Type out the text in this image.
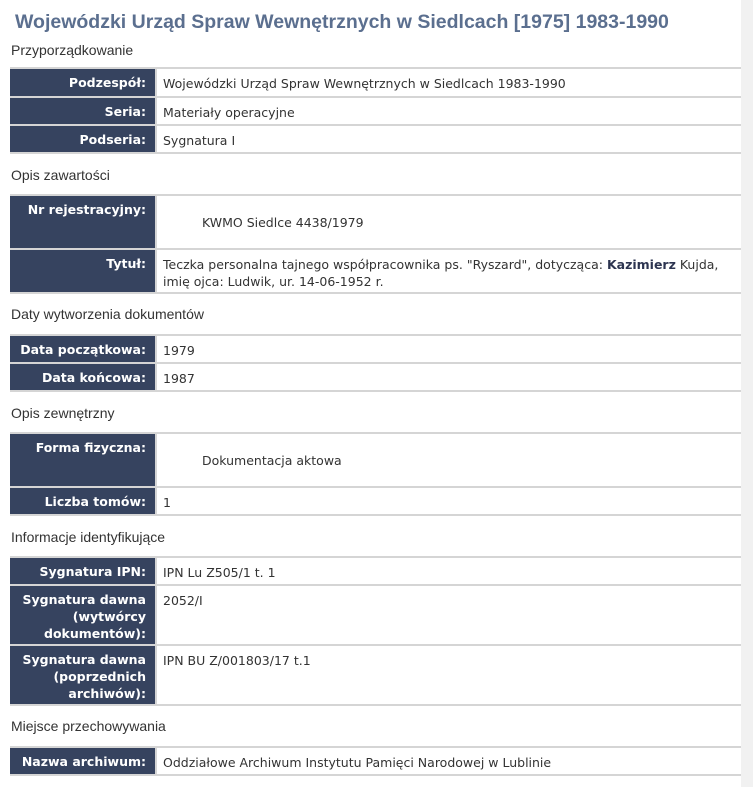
Wojewódzki Urząd Spraw Wewnętrznych w Siedlcach [1975] 1983-1990
Przyporządkowanie
Podzespół:	Wojewódzki Urząd Spraw Wewnętrznych w Siedlcach 1983-1990
Seria:	Materiały operacyjne
Podseria:	Sygnatura I
Opis zawartości
Nr rejestracyjny:	KWMO Siedlce 4438/1979
Tytuł:	Teczka personalna tajnego współpracownika ps. "Ryszard", dotycząca: Kazimierz Kujda, imię ojca: Ludwik, ur. 14-06-1952 r.
Daty wytworzenia dokumentów
Data początkowa:	1979
Data końcowa:	1987
Opis zewnętrzny
Forma fizyczna:	Dokumentacja aktowa
Liczba tomów:	1
Informacje identyfikujące
Sygnatura IPN:	IPN Lu Z505/1 t. 1
Sygnatura dawna (wytwórcy dokumentów):	2052/I
Sygnatura dawna (poprzednich archiwów):	IPN BU Z/001803/17 t.1
Miejsce przechowywania
Nazwa archiwum:	Oddziałowe Archiwum Instytutu Pamięci Narodowej w Lublinie
